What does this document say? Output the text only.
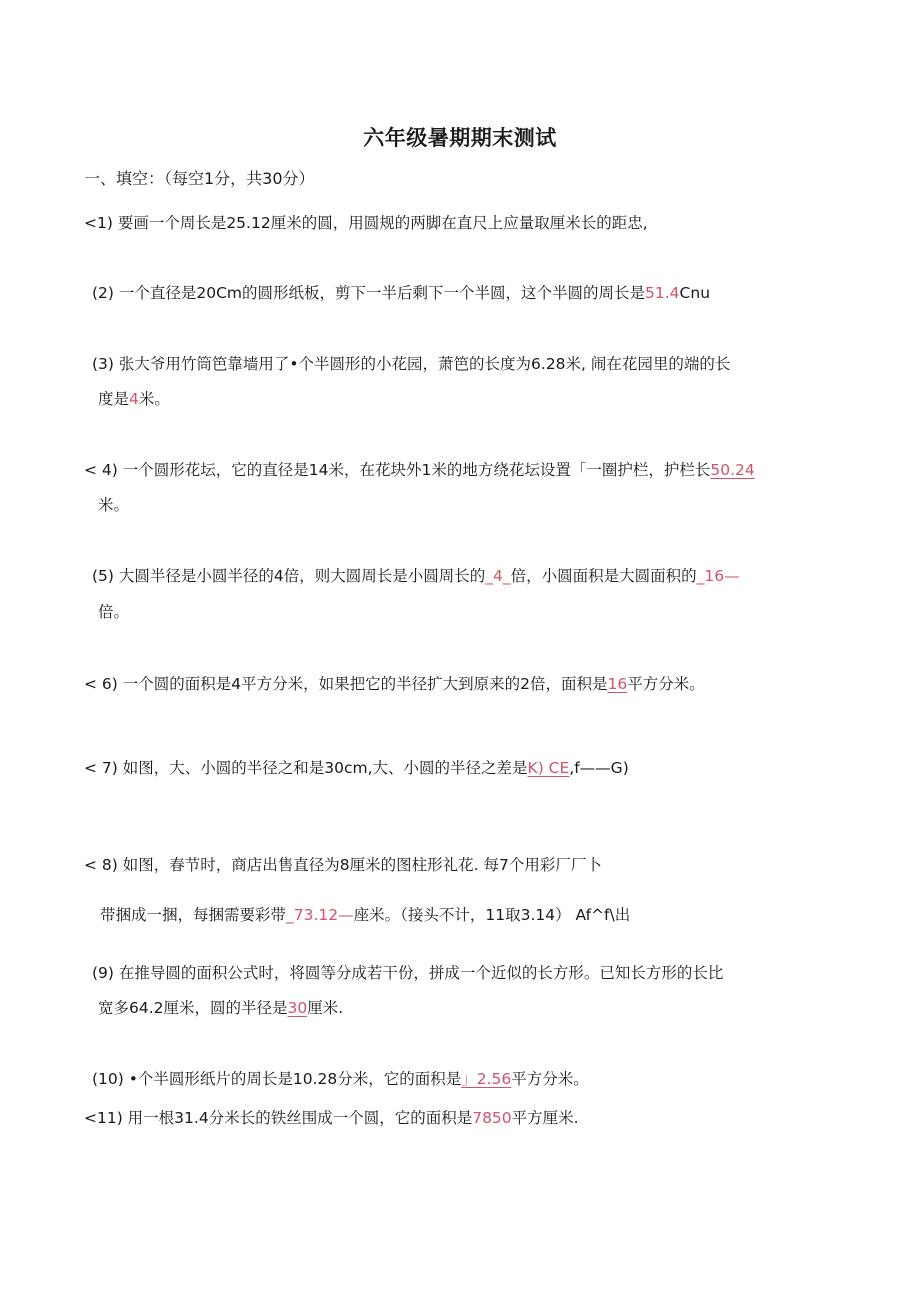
六年级暑期期末测试
一、填空：（每空1分，共30分）
<1) 要画一个周长是25.12厘米的圆，用圆规的两脚在直尺上应量取厘米长的距忠,
(2) 一个直径是20Cm的圆形纸板，剪下一半后剩下一个半圆，这个半圆的周长是51.4Cnu
(3) 张大爷用竹筒笆靠墙用了•个半圆形的小花园，萧笆的长度为6.28米, 闹在花园里的端的长
度是4米。
< 4) 一个圆形花坛，它的直径是14米，在花块外1米的地方绕花坛设置「一圈护栏，护栏长50.24
米。
(5) 大圆半径是小圆半径的4倍，则大圆周长是小圆周长的_4_倍，小圆面积是大圆面积的_16—
倍。
< 6) 一个圆的面积是4平方分米，如果把它的半径扩大到原来的2倍，面积是16平方分米。
< 7) 如图，大、小圆的半径之和是30cm,大、小圆的半径之差是K) CE,f——G)
< 8) 如图，春节时，商店出售直径为8厘米的图柱形礼花. 每7个用彩厂厂卜
带捆成一捆，每捆需要彩带_73.12—座米。（接头不计，11取3.14） Af^f\出
(9) 在推导圆的面积公式时，将圆等分成若干份，拼成一个近似的长方形。已知长方形的长比
宽多64.2厘米，圆的半径是30厘米.
(10) •个半圆形纸片的周长是10.28分米，它的面积是」2.56平方分米。
<11) 用一根31.4分米长的铁丝围成一个圆，它的面积是7850平方厘米.
